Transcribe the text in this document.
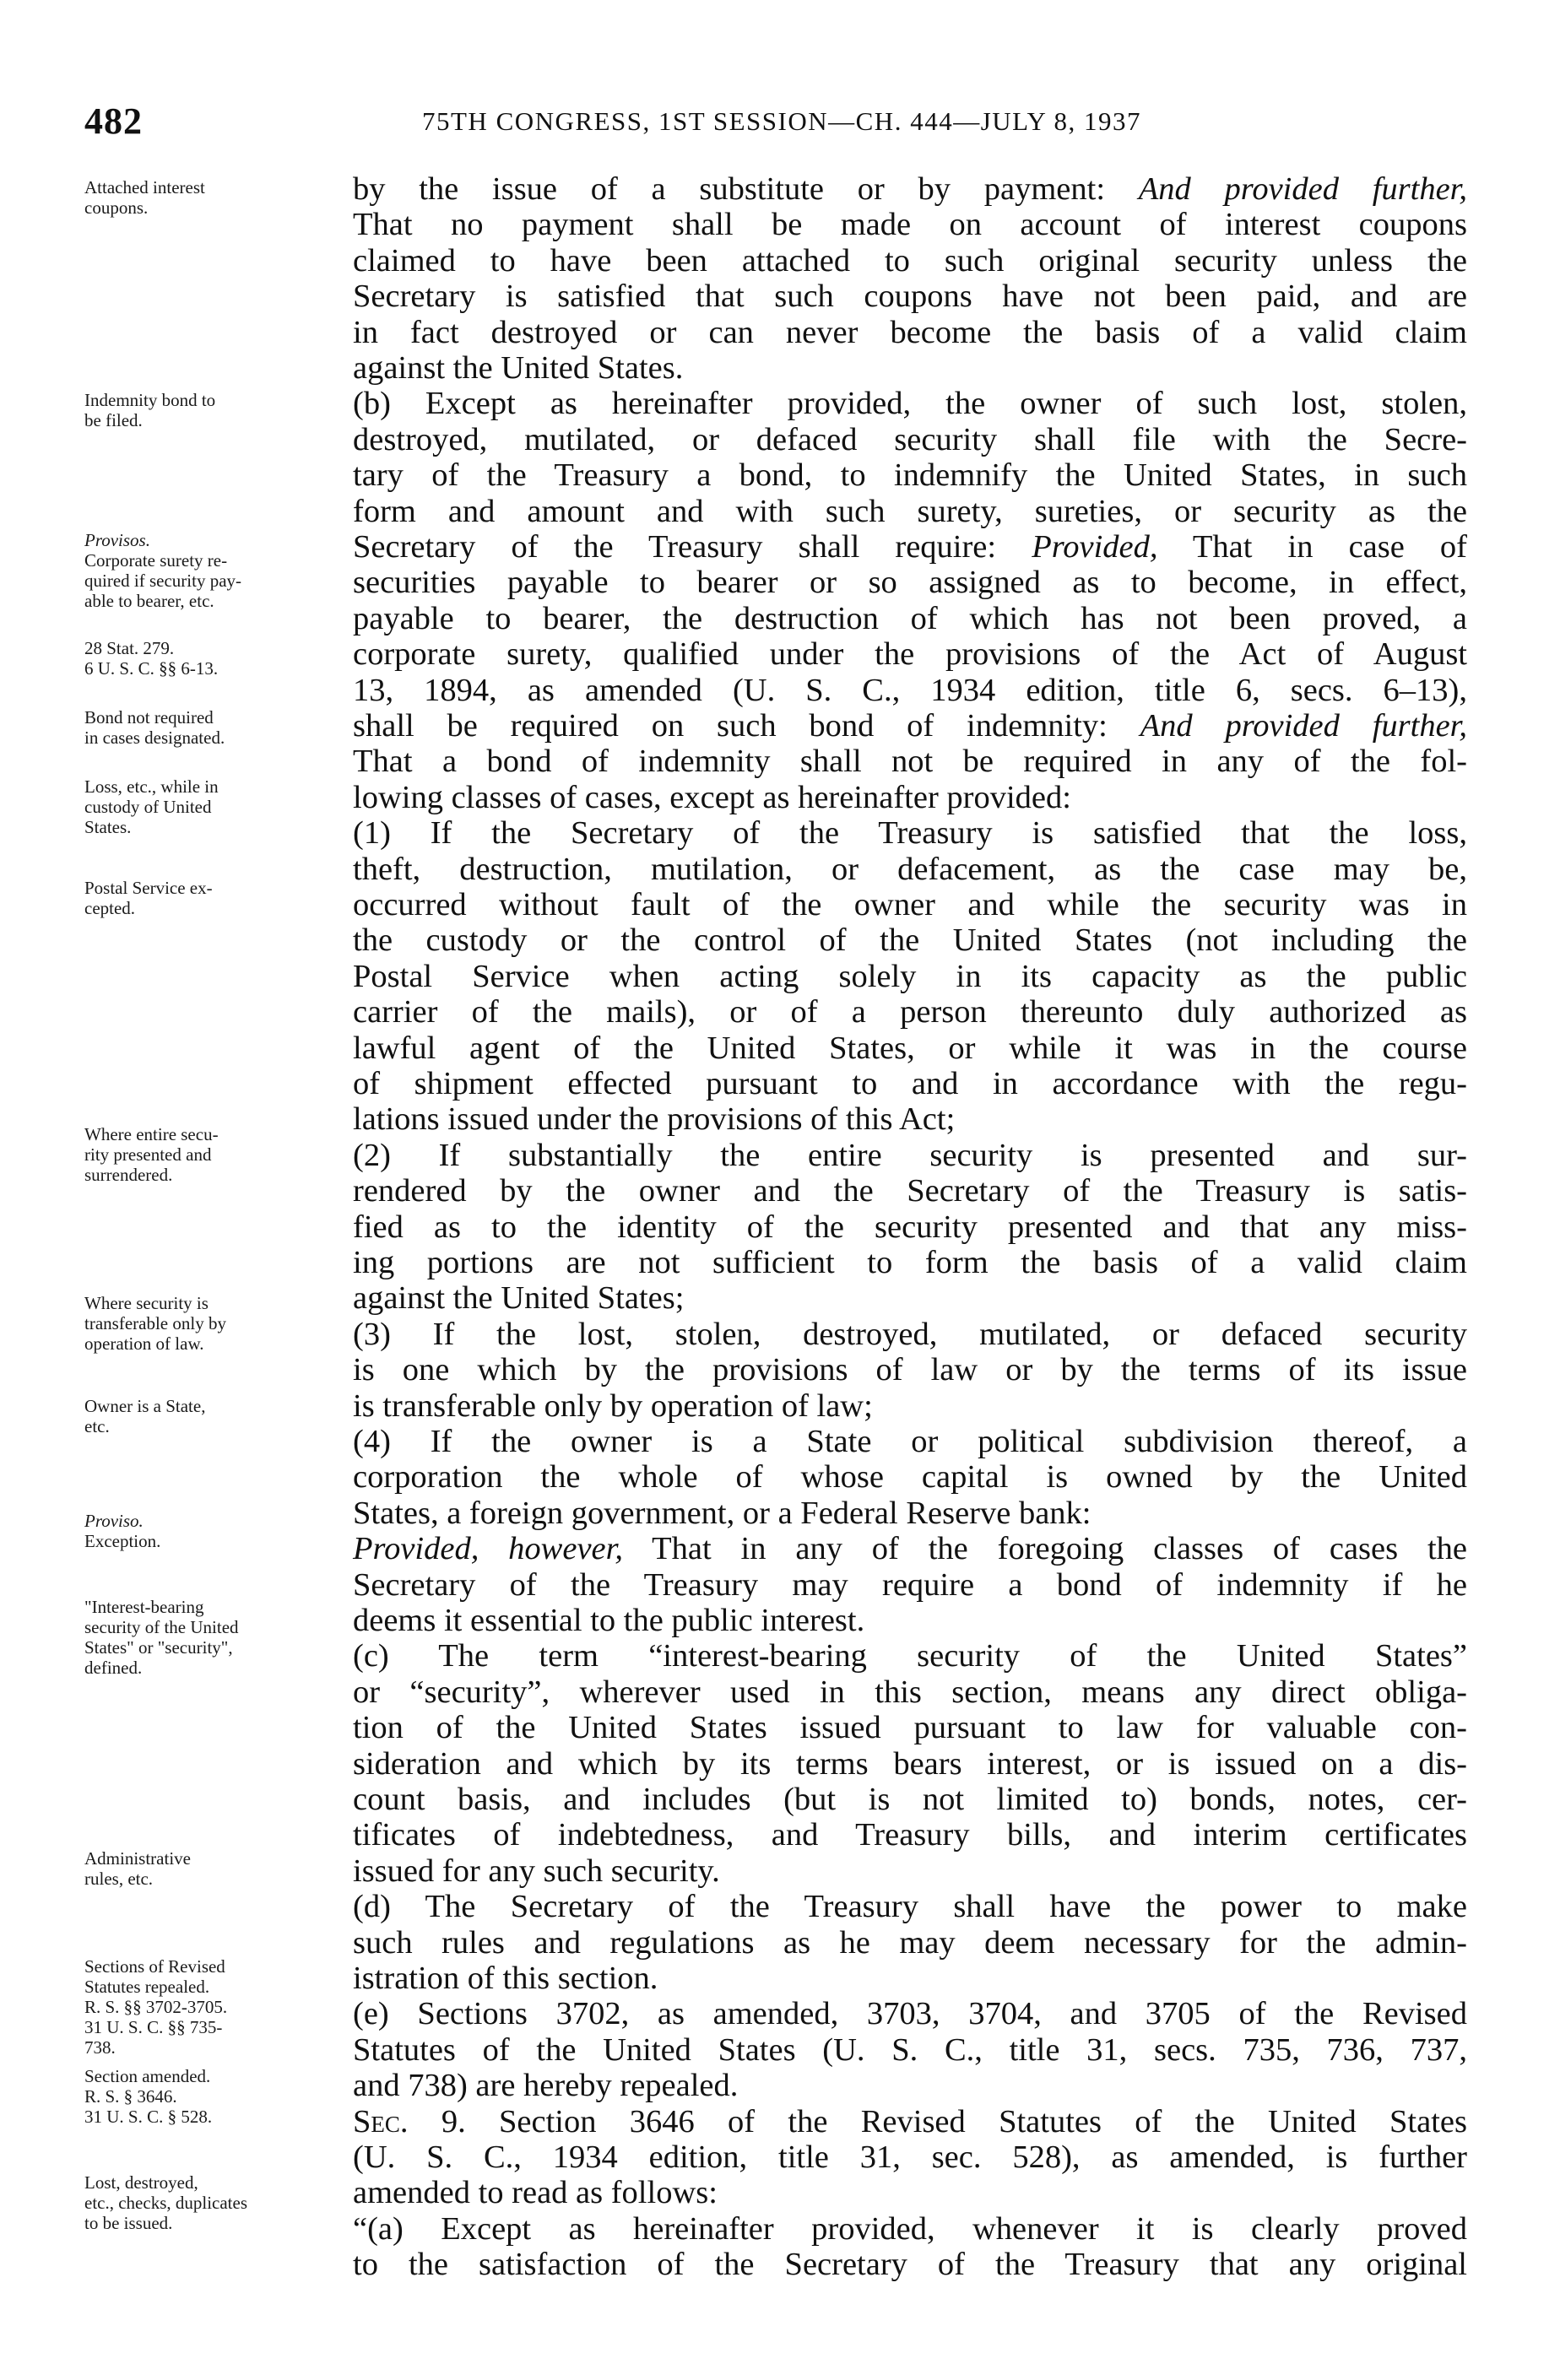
482	75TH CONGRESS, 1ST SESSION—CH. 444—JULY 8, 1937
Attached interest
coupons.
Indemnity bond to
be filed.
Provisos.
Corporate surety re-
quired if security pay-
able to bearer, etc.
28 Stat. 279.
6 U. S. C. §§ 6-13.
Bond not required
in cases designated.
Loss, etc., while in
custody of United
States.
Postal Service ex-
cepted.
Where entire secu-
rity presented and
surrendered.
Where security is
transferable only by
operation of law.
Owner is a State,
etc.
Proviso.
Exception.
"Interest-bearing
security of the United
States" or "security",
defined.
Administrative
rules, etc.
Sections of Revised
Statutes repealed.
R. S. §§ 3702-3705.
31 U. S. C. §§ 735-
738.
Section amended.
R. S. § 3646.
31 U. S. C. § 528.
Lost, destroyed,
etc., checks, duplicates
to be issued.
by the issue of a substitute or by payment: And provided further,
That no payment shall be made on account of interest coupons
claimed to have been attached to such original security unless the
Secretary is satisfied that such coupons have not been paid, and are
in fact destroyed or can never become the basis of a valid claim
against the United States.
(b) Except as hereinafter provided, the owner of such lost, stolen,
destroyed, mutilated, or defaced security shall file with the Secre-
tary of the Treasury a bond, to indemnify the United States, in such
form and amount and with such surety, sureties, or security as the
Secretary of the Treasury shall require: Provided, That in case of
securities payable to bearer or so assigned as to become, in effect,
payable to bearer, the destruction of which has not been proved, a
corporate surety, qualified under the provisions of the Act of August
13, 1894, as amended (U. S. C., 1934 edition, title 6, secs. 6–13),
shall be required on such bond of indemnity: And provided further,
That a bond of indemnity shall not be required in any of the fol-
lowing classes of cases, except as hereinafter provided:
(1) If the Secretary of the Treasury is satisfied that the loss,
theft, destruction, mutilation, or defacement, as the case may be,
occurred without fault of the owner and while the security was in
the custody or the control of the United States (not including the
Postal Service when acting solely in its capacity as the public
carrier of the mails), or of a person thereunto duly authorized as
lawful agent of the United States, or while it was in the course
of shipment effected pursuant to and in accordance with the regu-
lations issued under the provisions of this Act;
(2) If substantially the entire security is presented and sur-
rendered by the owner and the Secretary of the Treasury is satis-
fied as to the identity of the security presented and that any miss-
ing portions are not sufficient to form the basis of a valid claim
against the United States;
(3) If the lost, stolen, destroyed, mutilated, or defaced security
is one which by the provisions of law or by the terms of its issue
is transferable only by operation of law;
(4) If the owner is a State or political subdivision thereof, a
corporation the whole of whose capital is owned by the United
States, a foreign government, or a Federal Reserve bank:
Provided, however, That in any of the foregoing classes of cases the
Secretary of the Treasury may require a bond of indemnity if he
deems it essential to the public interest.
(c) The term “interest-bearing security of the United States”
or “security”, wherever used in this section, means any direct obliga-
tion of the United States issued pursuant to law for valuable con-
sideration and which by its terms bears interest, or is issued on a dis-
count basis, and includes (but is not limited to) bonds, notes, cer-
tificates of indebtedness, and Treasury bills, and interim certificates
issued for any such security.
(d) The Secretary of the Treasury shall have the power to make
such rules and regulations as he may deem necessary for the admin-
istration of this section.
(e) Sections 3702, as amended, 3703, 3704, and 3705 of the Revised
Statutes of the United States (U. S. C., title 31, secs. 735, 736, 737,
and 738) are hereby repealed.
Sec. 9. Section 3646 of the Revised Statutes of the United States
(U. S. C., 1934 edition, title 31, sec. 528), as amended, is further
amended to read as follows:
“(a) Except as hereinafter provided, whenever it is clearly proved
to the satisfaction of the Secretary of the Treasury that any original
